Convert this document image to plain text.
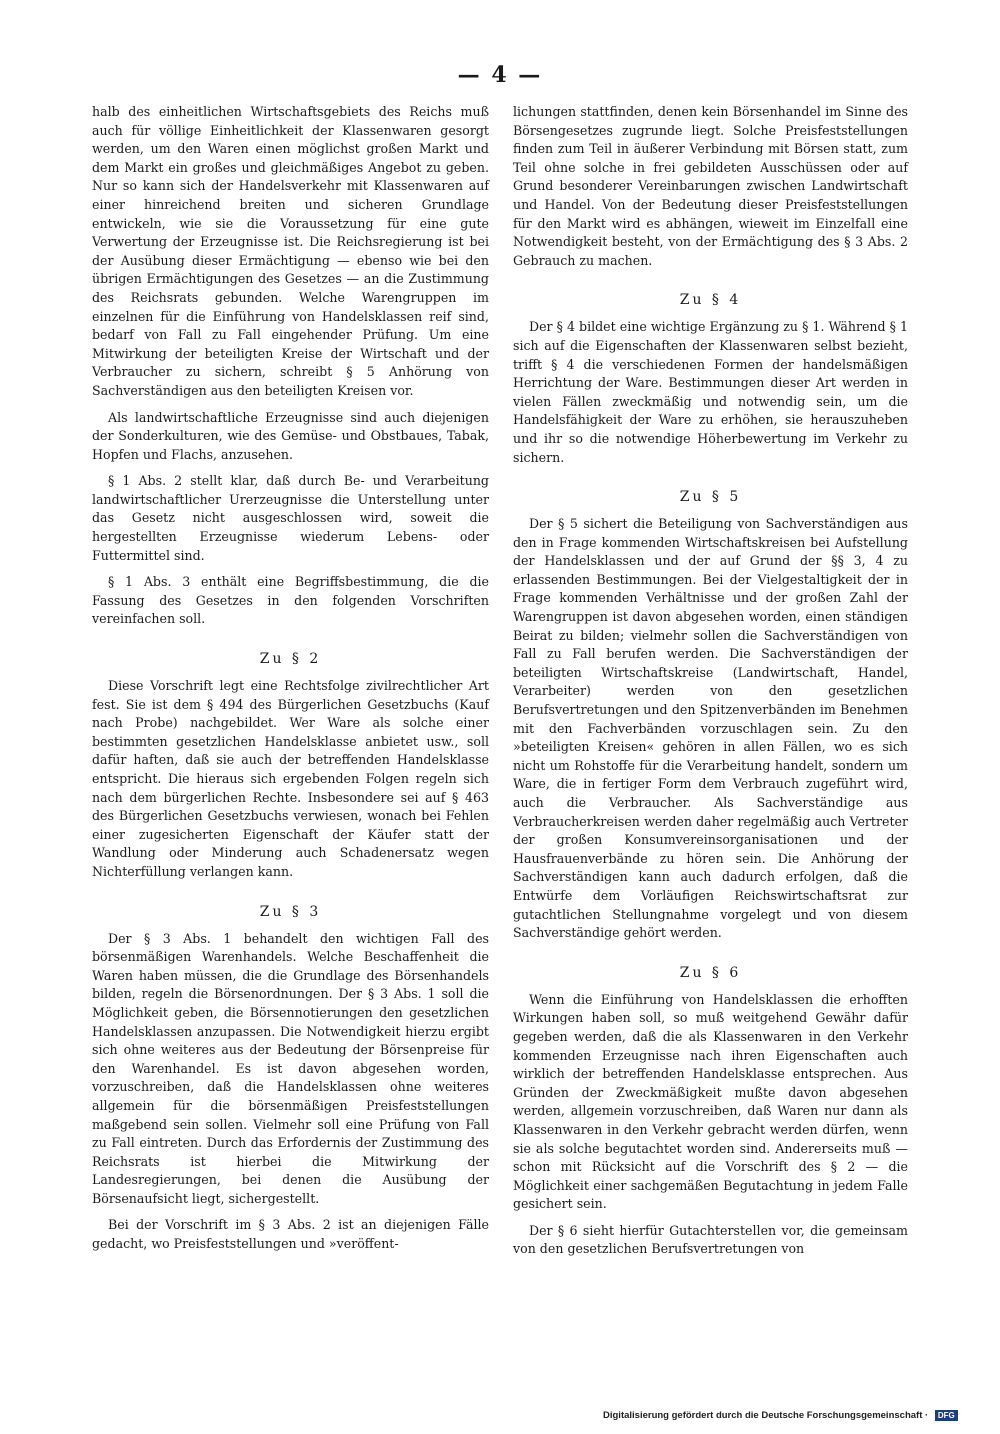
— 4 —

halb des einheitlichen Wirtschaftsgebiets des Reichs muß auch für völlige Einheitlichkeit der Klassenwaren gesorgt werden, um den Waren einen möglichst großen Markt und dem Markt ein großes und gleichmäßiges Angebot zu geben. Nur so kann sich der Handelsverkehr mit Klassenwaren auf einer hinreichend breiten und sicheren Grundlage entwickeln, wie sie die Voraussetzung für eine gute Verwertung der Erzeugnisse ist. Die Reichsregierung ist bei der Ausübung dieser Ermächtigung — ebenso wie bei den übrigen Ermächtigungen des Gesetzes — an die Zustimmung des Reichsrats gebunden. Welche Warengruppen im einzelnen für die Einführung von Handelsklassen reif sind, bedarf von Fall zu Fall eingehender Prüfung. Um eine Mitwirkung der beteiligten Kreise der Wirtschaft und der Verbraucher zu sichern, schreibt § 5 Anhörung von Sachverständigen aus den beteiligten Kreisen vor.

Als landwirtschaftliche Erzeugnisse sind auch diejenigen der Sonderkulturen, wie des Gemüse- und Obstbaues, Tabak, Hopfen und Flachs, anzusehen.

§ 1 Abs. 2 stellt klar, daß durch Be- und Verarbeitung landwirtschaftlicher Urerzeugnisse die Unterstellung unter das Gesetz nicht ausgeschlossen wird, soweit die hergestellten Erzeugnisse wiederum Lebens- oder Futtermittel sind.

§ 1 Abs. 3 enthält eine Begriffsbestimmung, die die Fassung des Gesetzes in den folgenden Vorschriften vereinfachen soll.

Zu § 2

Diese Vorschrift legt eine Rechtsfolge zivilrechtlicher Art fest. Sie ist dem § 494 des Bürgerlichen Gesetzbuchs (Kauf nach Probe) nachgebildet. Wer Ware als solche einer bestimmten gesetzlichen Handelsklasse anbietet usw., soll dafür haften, daß sie auch der betreffenden Handelsklasse entspricht. Die hieraus sich ergebenden Folgen regeln sich nach dem bürgerlichen Rechte. Insbesondere sei auf § 463 des Bürgerlichen Gesetzbuchs verwiesen, wonach bei Fehlen einer zugesicherten Eigenschaft der Käufer statt der Wandlung oder Minderung auch Schadenersatz wegen Nichterfüllung verlangen kann.

Zu § 3

Der § 3 Abs. 1 behandelt den wichtigen Fall des börsenmäßigen Warenhandels. Welche Beschaffenheit die Waren haben müssen, die die Grundlage des Börsenhandels bilden, regeln die Börsenordnungen. Der § 3 Abs. 1 soll die Möglichkeit geben, die Börsennotierungen den gesetzlichen Handelsklassen anzupassen. Die Notwendigkeit hierzu ergibt sich ohne weiteres aus der Bedeutung der Börsenpreise für den Warenhandel. Es ist davon abgesehen worden, vorzuschreiben, daß die Handelsklassen ohne weiteres allgemein für die börsenmäßigen Preisfeststellungen maßgebend sein sollen. Vielmehr soll eine Prüfung von Fall zu Fall eintreten. Durch das Erfordernis der Zustimmung des Reichsrats ist hierbei die Mitwirkung der Landesregierungen, bei denen die Ausübung der Börsenaufsicht liegt, sichergestellt.

Bei der Vorschrift im § 3 Abs. 2 ist an diejenigen Fälle gedacht, wo Preisfeststellungen und »veröffent-

lichungen stattfinden, denen kein Börsenhandel im Sinne des Börsengesetzes zugrunde liegt. Solche Preisfeststellungen finden zum Teil in äußerer Verbindung mit Börsen statt, zum Teil ohne solche in frei gebildeten Ausschüssen oder auf Grund besonderer Vereinbarungen zwischen Landwirtschaft und Handel. Von der Bedeutung dieser Preisfeststellungen für den Markt wird es abhängen, wieweit im Einzelfall eine Notwendigkeit besteht, von der Ermächtigung des § 3 Abs. 2 Gebrauch zu machen.

Zu § 4

Der § 4 bildet eine wichtige Ergänzung zu § 1. Während § 1 sich auf die Eigenschaften der Klassenwaren selbst bezieht, trifft § 4 die verschiedenen Formen der handelsmäßigen Herrichtung der Ware. Bestimmungen dieser Art werden in vielen Fällen zweckmäßig und notwendig sein, um die Handelsfähigkeit der Ware zu erhöhen, sie herauszuheben und ihr so die notwendige Höherbewertung im Verkehr zu sichern.

Zu § 5

Der § 5 sichert die Beteiligung von Sachverständigen aus den in Frage kommenden Wirtschaftskreisen bei Aufstellung der Handelsklassen und der auf Grund der §§ 3, 4 zu erlassenden Bestimmungen. Bei der Vielgestaltigkeit der in Frage kommenden Verhältnisse und der großen Zahl der Warengruppen ist davon abgesehen worden, einen ständigen Beirat zu bilden; vielmehr sollen die Sachverständigen von Fall zu Fall berufen werden. Die Sachverständigen der beteiligten Wirtschaftskreise (Landwirtschaft, Handel, Verarbeiter) werden von den gesetzlichen Berufsvertretungen und den Spitzenverbänden im Benehmen mit den Fachverbänden vorzuschlagen sein. Zu den »beteiligten Kreisen« gehören in allen Fällen, wo es sich nicht um Rohstoffe für die Verarbeitung handelt, sondern um Ware, die in fertiger Form dem Verbrauch zugeführt wird, auch die Verbraucher. Als Sachverständige aus Verbraucherkreisen werden daher regelmäßig auch Vertreter der großen Konsumvereinsorganisationen und der Hausfrauenverbände zu hören sein. Die Anhörung der Sachverständigen kann auch dadurch erfolgen, daß die Entwürfe dem Vorläufigen Reichswirtschaftsrat zur gutachtlichen Stellungnahme vorgelegt und von diesem Sachverständige gehört werden.

Zu § 6

Wenn die Einführung von Handelsklassen die erhofften Wirkungen haben soll, so muß weitgehend Gewähr dafür gegeben werden, daß die als Klassenwaren in den Verkehr kommenden Erzeugnisse nach ihren Eigenschaften auch wirklich der betreffenden Handelsklasse entsprechen. Aus Gründen der Zweckmäßigkeit mußte davon abgesehen werden, allgemein vorzuschreiben, daß Waren nur dann als Klassenwaren in den Verkehr gebracht werden dürfen, wenn sie als solche begutachtet worden sind. Andererseits muß — schon mit Rücksicht auf die Vorschrift des § 2 — die Möglichkeit einer sachgemäßen Begutachtung in jedem Falle gesichert sein.

Der § 6 sieht hierfür Gutachterstellen vor, die gemeinsam von den gesetzlichen Berufsvertretungen von

Digitalisierung gefördert durch die Deutsche Forschungsgemeinschaft · DFG
